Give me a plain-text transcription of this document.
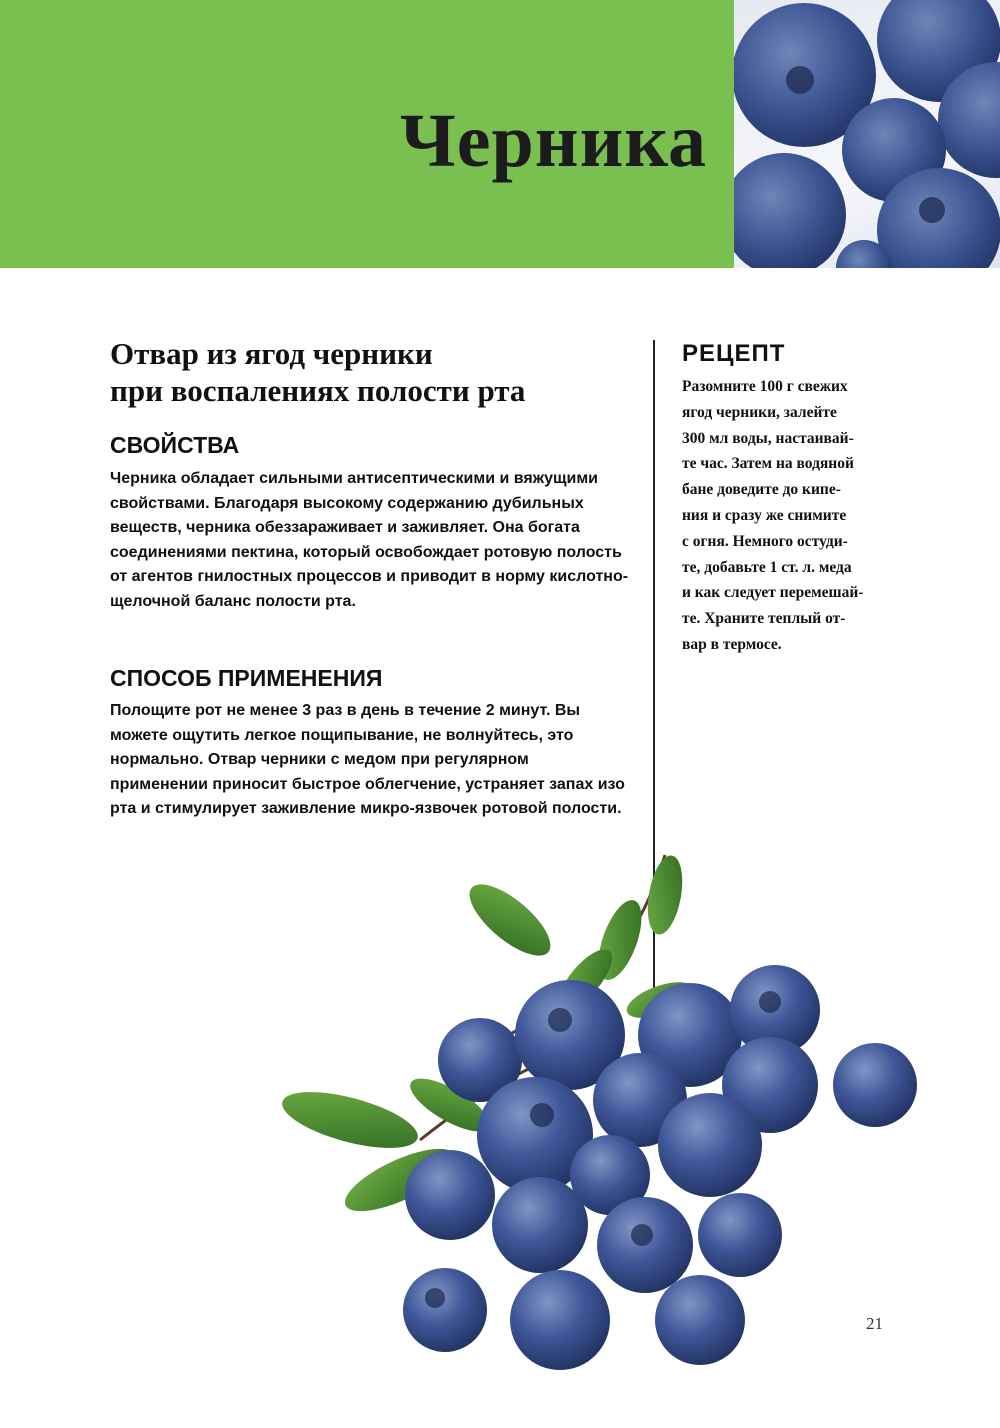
Черника
Отвар из ягод черники
при воспалениях полости рта
СВОЙСТВА

Черника обладает сильными антисептическими и вяжущими свойствами. Благодаря высокому содержанию дубильных веществ, черника обеззараживает и заживляет. Она богата соединениями пектина, который освобождает ротовую полость от агентов гнилостных процессов и приводит в норму кислотно-щелочной баланс полости рта.

СПОСОБ ПРИМЕНЕНИЯ

Полощите рот не менее 3 раз в день в течение 2 минут. Вы можете ощутить легкое пощипывание, не волнуйтесь, это нормально. Отвар черники с медом при регулярном применении приносит быстрое облегчение, устраняет запах изо рта и стимулирует заживление микро-язвочек ротовой полости.

РЕЦЕПТ

Разомните 100 г свежих
ягод черники, залейте
300 мл воды, настаивай-
те час. Затем на водяной
бане доведите до кипе-
ния и сразу же снимите
с огня. Немного остуди-
те, добавьте 1 ст. л. меда
и как следует перемешай-
те. Храните теплый от-
вар в термосе.

21
